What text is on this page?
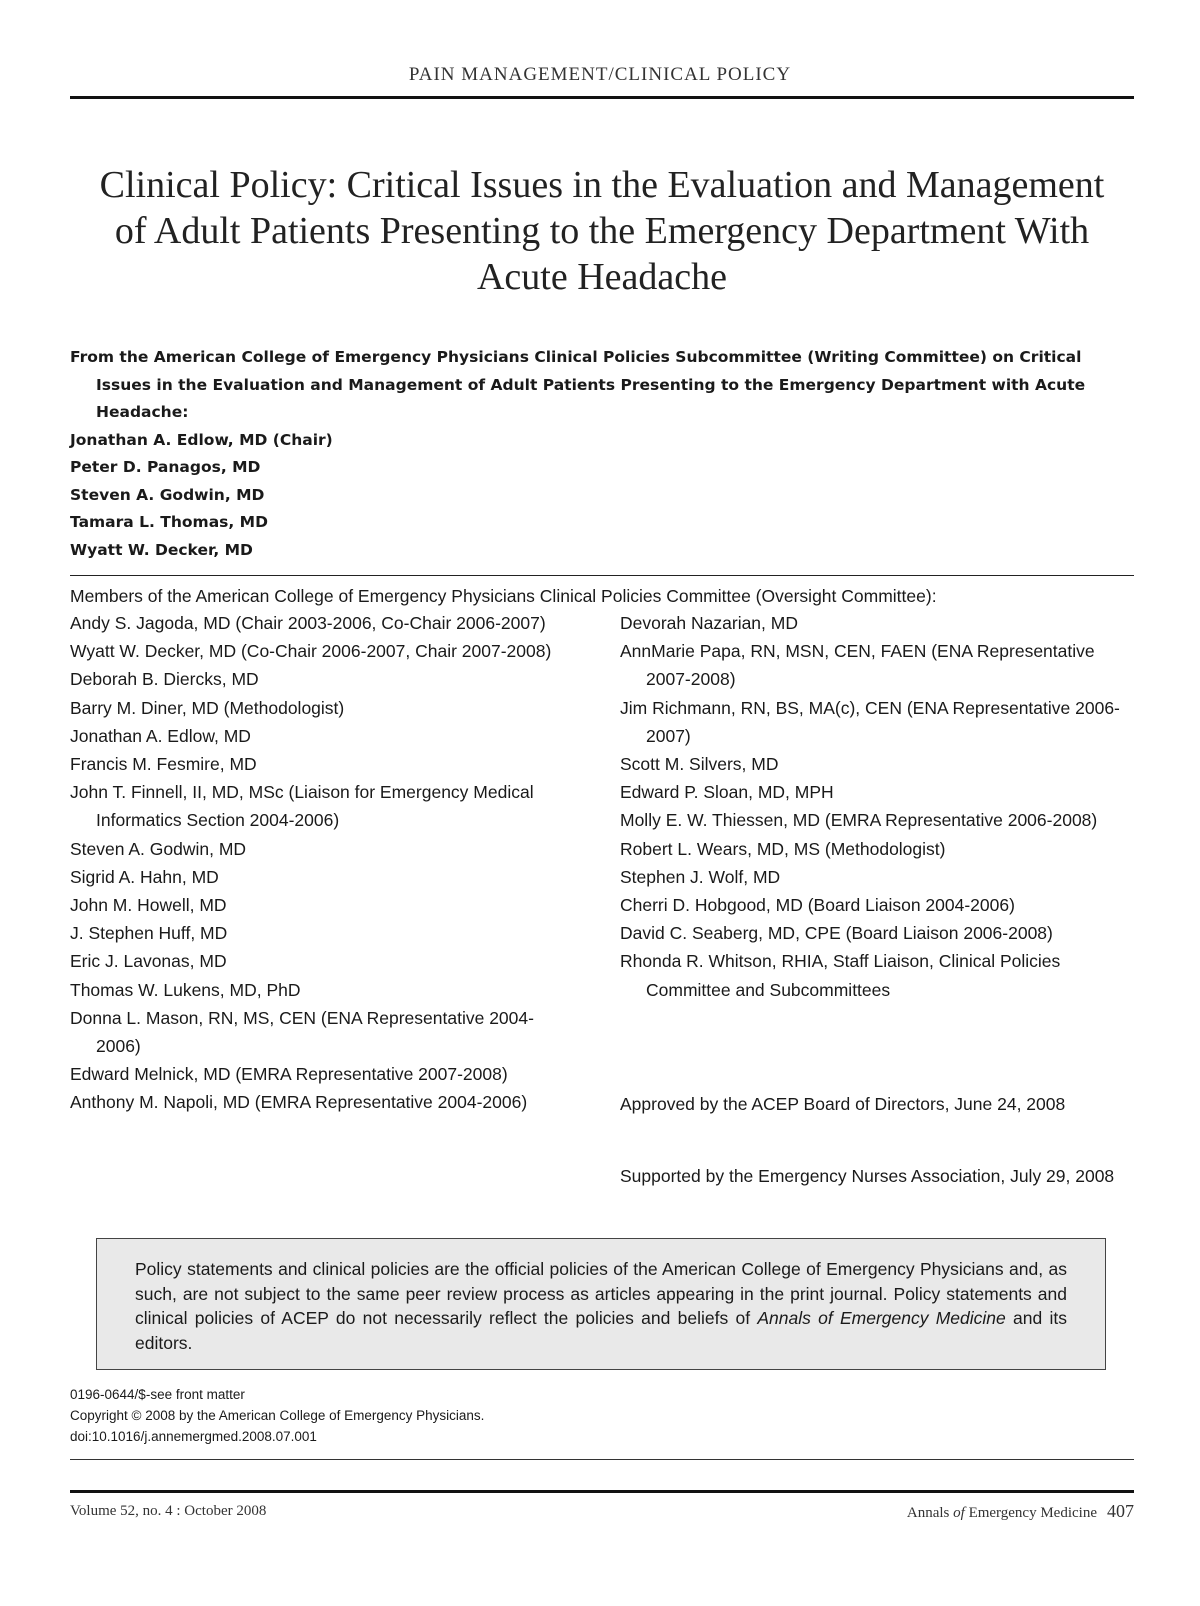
PAIN MANAGEMENT/CLINICAL POLICY
Clinical Policy: Critical Issues in the Evaluation and Management
of Adult Patients Presenting to the Emergency Department With
Acute Headache
From the American College of Emergency Physicians Clinical Policies Subcommittee (Writing Committee) on Critical Issues in the Evaluation and Management of Adult Patients Presenting to the Emergency Department with Acute Headache:
Jonathan A. Edlow, MD (Chair)
Peter D. Panagos, MD
Steven A. Godwin, MD
Tamara L. Thomas, MD
Wyatt W. Decker, MD
Members of the American College of Emergency Physicians Clinical Policies Committee (Oversight Committee):
Andy S. Jagoda, MD (Chair 2003-2006, Co-Chair 2006-2007)
Wyatt W. Decker, MD (Co-Chair 2006-2007, Chair 2007-2008)
Deborah B. Diercks, MD
Barry M. Diner, MD (Methodologist)
Jonathan A. Edlow, MD
Francis M. Fesmire, MD
John T. Finnell, II, MD, MSc (Liaison for Emergency Medical Informatics Section 2004-2006)
Steven A. Godwin, MD
Sigrid A. Hahn, MD
John M. Howell, MD
J. Stephen Huff, MD
Eric J. Lavonas, MD
Thomas W. Lukens, MD, PhD
Donna L. Mason, RN, MS, CEN (ENA Representative 2004-2006)
Edward Melnick, MD (EMRA Representative 2007-2008)
Anthony M. Napoli, MD (EMRA Representative 2004-2006)
Devorah Nazarian, MD
AnnMarie Papa, RN, MSN, CEN, FAEN (ENA Representative 2007-2008)
Jim Richmann, RN, BS, MA(c), CEN (ENA Representative 2006-2007)
Scott M. Silvers, MD
Edward P. Sloan, MD, MPH
Molly E. W. Thiessen, MD (EMRA Representative 2006-2008)
Robert L. Wears, MD, MS (Methodologist)
Stephen J. Wolf, MD
Cherri D. Hobgood, MD (Board Liaison 2004-2006)
David C. Seaberg, MD, CPE (Board Liaison 2006-2008)
Rhonda R. Whitson, RHIA, Staff Liaison, Clinical Policies Committee and Subcommittees
Approved by the ACEP Board of Directors, June 24, 2008
Supported by the Emergency Nurses Association, July 29, 2008
Policy statements and clinical policies are the official policies of the American College of Emergency Physicians and, as such, are not subject to the same peer review process as articles appearing in the print journal. Policy statements and clinical policies of ACEP do not necessarily reflect the policies and beliefs of Annals of Emergency Medicine and its editors.
0196-0644/$-see front matter
Copyright © 2008 by the American College of Emergency Physicians.
doi:10.1016/j.annemergmed.2008.07.001
Volume 52, no. 4 : October 2008	Annals of Emergency Medicine 407
